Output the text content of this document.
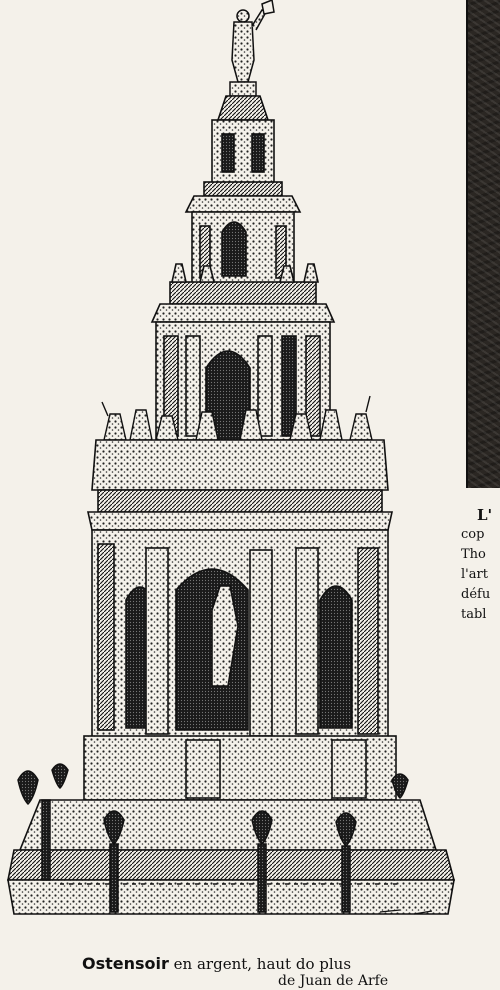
L'
cop
Tho
l'art
défu
tabl
Ostensoir en argent, haut do plus
de Juan de Arfe
